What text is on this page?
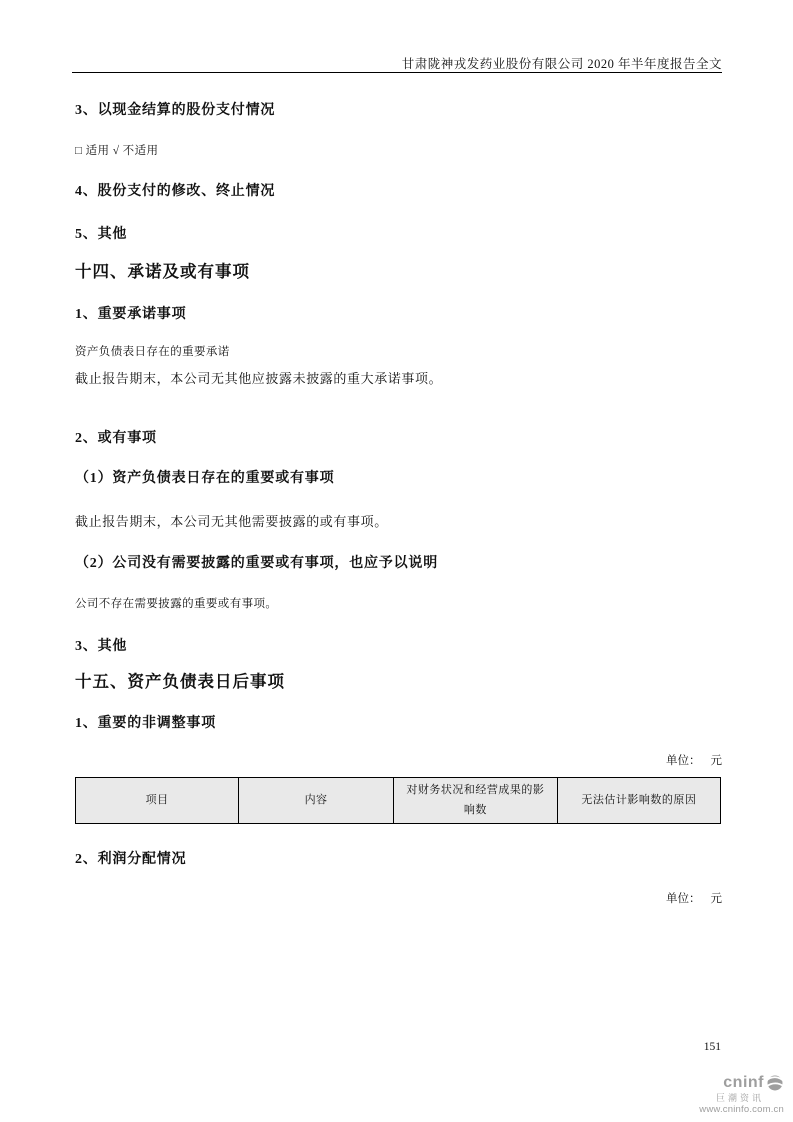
甘肃陇神戎发药业股份有限公司 2020 年半年度报告全文
3、以现金结算的股份支付情况
□ 适用 √ 不适用
4、股份支付的修改、终止情况
5、其他
十四、承诺及或有事项
1、重要承诺事项
资产负债表日存在的重要承诺
截止报告期末，本公司无其他应披露未披露的重大承诺事项。
2、或有事项
（1）资产负债表日存在的重要或有事项
截止报告期末，本公司无其他需要披露的或有事项。
（2）公司没有需要披露的重要或有事项，也应予以说明
公司不存在需要披露的重要或有事项。
3、其他
十五、资产负债表日后事项
1、重要的非调整事项
单位： 元
项目	内容	对财务状况和经营成果的影响数	无法估计影响数的原因
2、利润分配情况
单位： 元
151
cninf
巨潮资讯
www.cninfo.com.cn
